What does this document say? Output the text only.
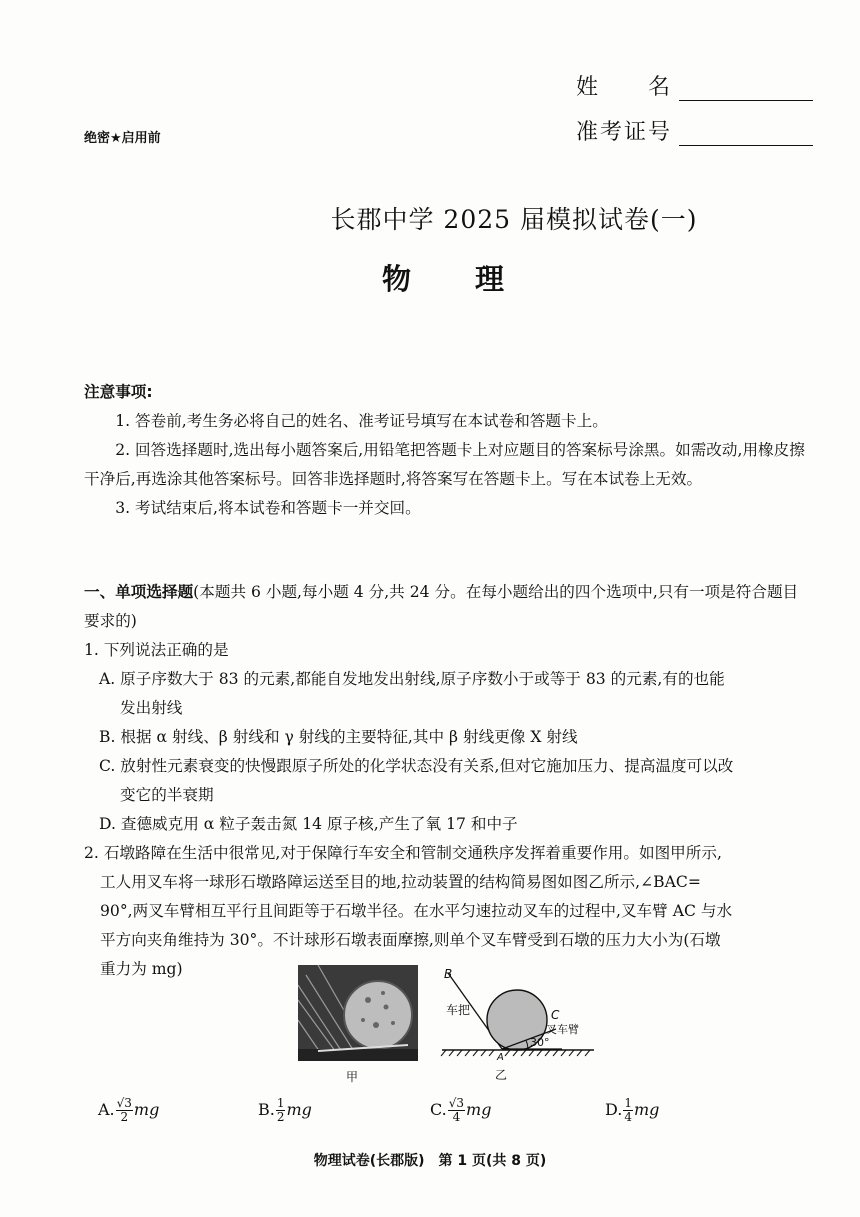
姓　　名
准考证号
绝密★启用前
长郡中学 2025 届模拟试卷(一)
物 理

注意事项:

1. 答卷前,考生务必将自己的姓名、准考证号填写在本试卷和答题卡上。

2. 回答选择题时,选出每小题答案后,用铅笔把答题卡上对应题目的答案标号涂黑。如需改动,用橡皮擦干净后,再选涂其他答案标号。回答非选择题时,将答案写在答题卡上。写在本试卷上无效。

3. 考试结束后,将本试卷和答题卡一并交回。

一、单项选择题(本题共 6 小题,每小题 4 分,共 24 分。在每小题给出的四个选项中,只有一项是符合题目要求的)

1. 下列说法正确的是

A. 原子序数大于 83 的元素,都能自发地发出射线,原子序数小于或等于 83 的元素,有的也能

发出射线

B. 根据 α 射线、β 射线和 γ 射线的主要特征,其中 β 射线更像 X 射线

C. 放射性元素衰变的快慢跟原子所处的化学状态没有关系,但对它施加压力、提高温度可以改

变它的半衰期

D. 查德威克用 α 粒子轰击氮 14 原子核,产生了氧 17 和中子

2. 石墩路障在生活中很常见,对于保障行车安全和管制交通秩序发挥着重要作用。如图甲所示,

工人用叉车将一球形石墩路障运送至目的地,拉动装置的结构简易图如图乙所示,∠BAC=

90°,两叉车臂相互平行且间距等于石墩半径。在水平匀速拉动叉车的过程中,叉车臂 AC 与水

平方向夹角维持为 30°。不计球形石墩表面摩擦,则单个叉车臂受到石墩的压力大小为(石墩

重力为 mg)

甲
B
C
A
车把
叉车臂
30°
乙
A. $\frac{√3}{2}$ mg	B. $\frac{1}{2}$ mg	C. $\frac{√3}{4}$ mg	D. $\frac{1}{4}$ mg
物理试卷(长郡版)　第 1 页(共 8 页)
